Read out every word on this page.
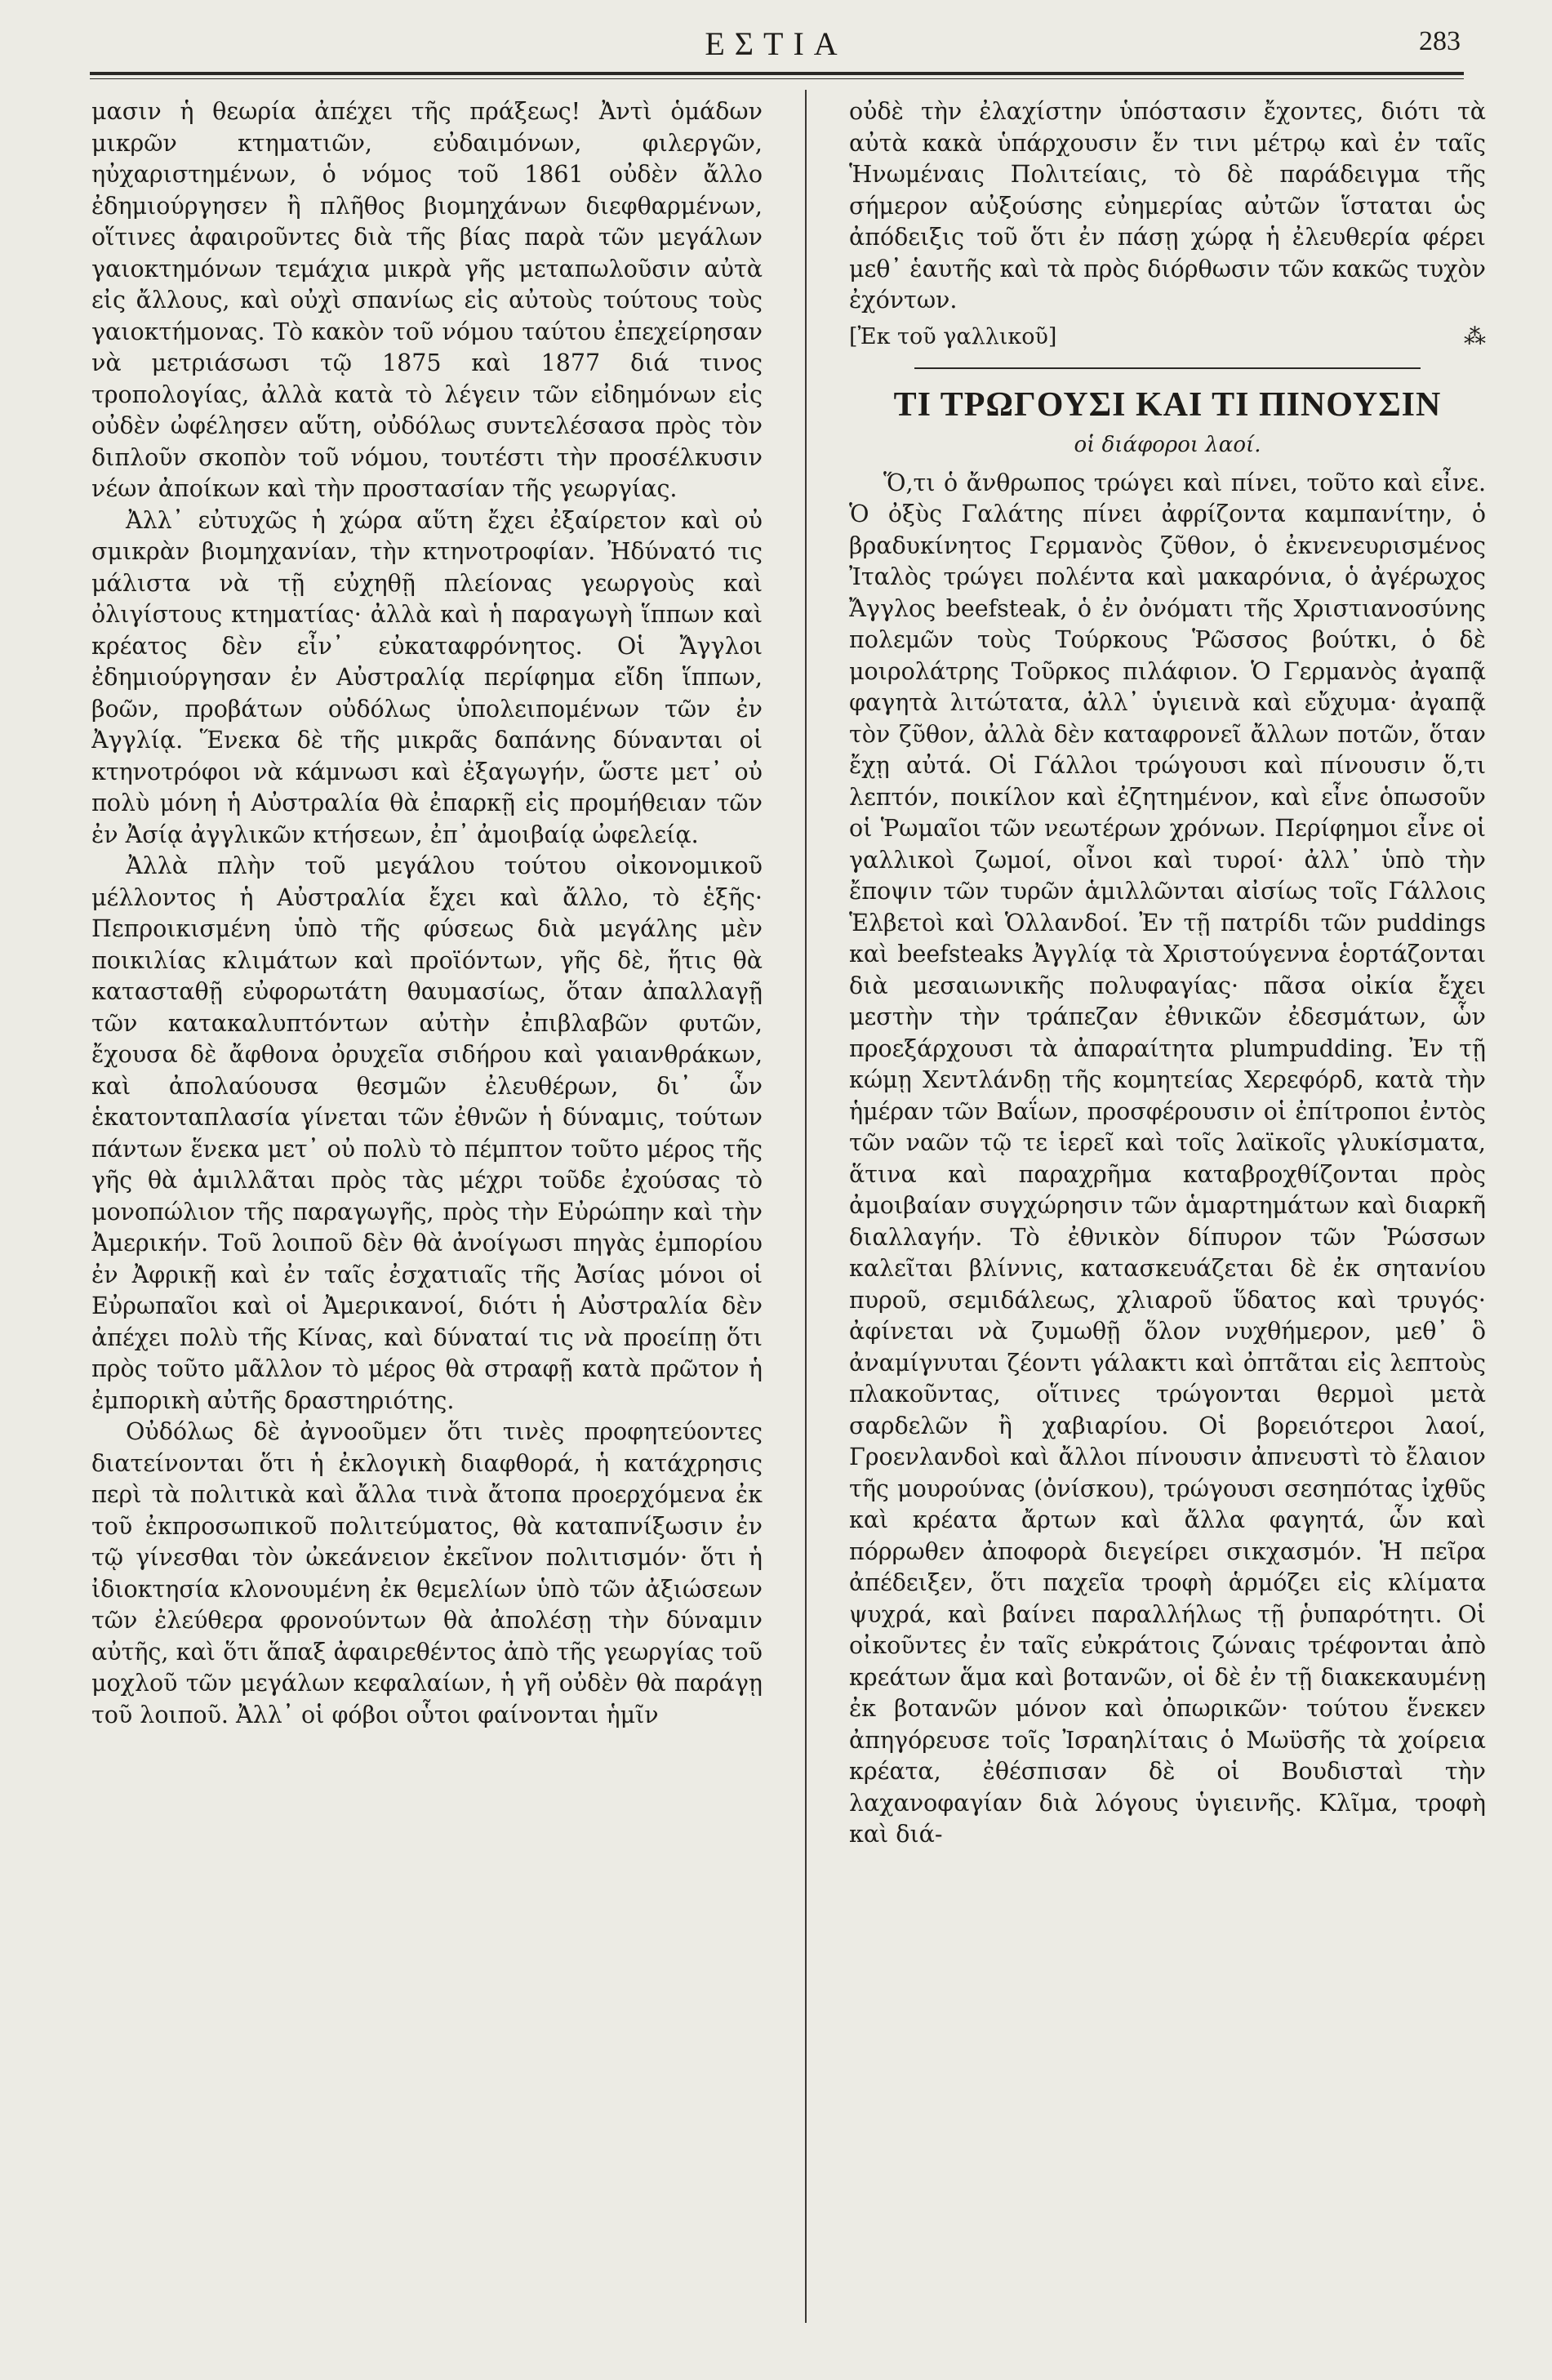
ΕΣΤΙΑ	283

μασιν ἡ θεωρία ἀπέχει τῆς πράξεως! Ἀντὶ ὁμάδων μικρῶν κτηματιῶν, εὐδαιμόνων, φιλεργῶν, ηὐχαριστημένων, ὁ νόμος τοῦ 1861 οὐδὲν ἄλλο ἐδημιούργησεν ἢ πλῆθος βιομηχάνων διεφθαρμένων, οἵτινες ἀφαιροῦντες διὰ τῆς βίας παρὰ τῶν μεγάλων γαιοκτημόνων τεμάχια μικρὰ γῆς μεταπωλοῦσιν αὐτὰ εἰς ἄλλους, καὶ οὐχὶ σπανίως εἰς αὐτοὺς τούτους τοὺς γαιοκτήμονας. Τὸ κακὸν τοῦ νόμου ταύτου ἐπεχείρησαν νὰ μετριάσωσι τῷ 1875 καὶ 1877 διά τινος τροπολογίας, ἀλλὰ κατὰ τὸ λέγειν τῶν εἰδημόνων εἰς οὐδὲν ὠφέλησεν αὕτη, οὐδόλως συντελέσασα πρὸς τὸν διπλοῦν σκοπὸν τοῦ νόμου, τουτέστι τὴν προσέλκυσιν νέων ἀποίκων καὶ τὴν προστασίαν τῆς γεωργίας.

Ἀλλ᾽ εὐτυχῶς ἡ χώρα αὕτη ἔχει ἐξαίρετον καὶ οὐ σμικρὰν βιομηχανίαν, τὴν κτηνοτροφίαν. Ἠδύνατό τις μάλιστα νὰ τῇ εὐχηθῇ πλείονας γεωργοὺς καὶ ὀλιγίστους κτηματίας· ἀλλὰ καὶ ἡ παραγωγὴ ἵππων καὶ κρέατος δὲν εἶν᾽ εὐκαταφρόνητος. Οἱ Ἄγγλοι ἐδημιούργησαν ἐν Αὐστραλίᾳ περίφημα εἴδη ἵππων, βοῶν, προβάτων οὐδόλως ὑπολειπομένων τῶν ἐν Ἀγγλίᾳ. Ἕνεκα δὲ τῆς μικρᾶς δαπάνης δύνανται οἱ κτηνοτρόφοι νὰ κάμνωσι καὶ ἐξαγωγήν, ὥστε μετ᾽ οὐ πολὺ μόνη ἡ Αὐστραλία θὰ ἐπαρκῇ εἰς προμήθειαν τῶν ἐν Ἀσίᾳ ἀγγλικῶν κτήσεων, ἐπ᾽ ἀμοιβαίᾳ ὠφελείᾳ.

Ἀλλὰ πλὴν τοῦ μεγάλου τούτου οἰκονομικοῦ μέλλοντος ἡ Αὐστραλία ἔχει καὶ ἄλλο, τὸ ἑξῆς· Πεπροικισμένη ὑπὸ τῆς φύσεως διὰ μεγάλης μὲν ποικιλίας κλιμάτων καὶ προϊόντων, γῆς δὲ, ἥτις θὰ κατασταθῇ εὐφορωτάτη θαυμασίως, ὅταν ἀπαλλαγῇ τῶν κατακαλυπτόντων αὐτὴν ἐπιβλαβῶν φυτῶν, ἔχουσα δὲ ἄφθονα ὀρυχεῖα σιδήρου καὶ γαιανθράκων, καὶ ἀπολαύουσα θεσμῶν ἐλευθέρων, δι᾽ ὧν ἑκατονταπλασία γίνεται τῶν ἐθνῶν ἡ δύναμις, τούτων πάντων ἕνεκα μετ᾽ οὐ πολὺ τὸ πέμπτον τοῦτο μέρος τῆς γῆς θὰ ἁμιλλᾶται πρὸς τὰς μέχρι τοῦδε ἐχούσας τὸ μονοπώλιον τῆς παραγωγῆς, πρὸς τὴν Εὐρώπην καὶ τὴν Ἀμερικήν. Τοῦ λοιποῦ δὲν θὰ ἀνοίγωσι πηγὰς ἐμπορίου ἐν Ἀφρικῇ καὶ ἐν ταῖς ἐσχατιαῖς τῆς Ἀσίας μόνοι οἱ Εὐρωπαῖοι καὶ οἱ Ἀμερικανοί, διότι ἡ Αὐστραλία δὲν ἀπέχει πολὺ τῆς Κίνας, καὶ δύναταί τις νὰ προείπῃ ὅτι πρὸς τοῦτο μᾶλλον τὸ μέρος θὰ στραφῇ κατὰ πρῶτον ἡ ἐμπορικὴ αὐτῆς δραστηριότης.

Οὐδόλως δὲ ἀγνοοῦμεν ὅτι τινὲς προφητεύοντες διατείνονται ὅτι ἡ ἐκλογικὴ διαφθορά, ἡ κατάχρησις περὶ τὰ πολιτικὰ καὶ ἄλλα τινὰ ἄτοπα προερχόμενα ἐκ τοῦ ἐκπροσωπικοῦ πολιτεύματος, θὰ καταπνίξωσιν ἐν τῷ γίνεσθαι τὸν ὠκεάνειον ἐκεῖνον πολιτισμόν· ὅτι ἡ ἰδιοκτησία κλονουμένη ἐκ θεμελίων ὑπὸ τῶν ἀξιώσεων τῶν ἐλεύθερα φρονούντων θὰ ἀπολέσῃ τὴν δύναμιν αὐτῆς, καὶ ὅτι ἅπαξ ἀφαιρεθέντος ἀπὸ τῆς γεωργίας τοῦ μοχλοῦ τῶν μεγάλων κεφαλαίων, ἡ γῆ οὐδὲν θὰ παράγῃ τοῦ λοιποῦ. Ἀλλ᾽ οἱ φόβοι οὗτοι φαίνονται ἡμῖν

οὐδὲ τὴν ἐλαχίστην ὑπόστασιν ἔχοντες, διότι τὰ αὐτὰ κακὰ ὑπάρχουσιν ἔν τινι μέτρῳ καὶ ἐν ταῖς Ἡνωμέναις Πολιτείαις, τὸ δὲ παράδειγμα τῆς σήμερον αὐξούσης εὐημερίας αὐτῶν ἵσταται ὡς ἀπόδειξις τοῦ ὅτι ἐν πάσῃ χώρᾳ ἡ ἐλευθερία φέρει μεθ᾽ ἑαυτῆς καὶ τὰ πρὸς διόρθωσιν τῶν κακῶς τυχὸν ἐχόντων.

[Ἐκ τοῦ γαλλικοῦ]	⁂
ΤΙ ΤΡΩΓΟΥΣΙ ΚΑΙ ΤΙ ΠΙΝΟΥΣΙΝ
οἱ διάφοροι λαοί.

Ὅ,τι ὁ ἄνθρωπος τρώγει καὶ πίνει, τοῦτο καὶ εἶνε. Ὁ ὀξὺς Γαλάτης πίνει ἀφρίζοντα καμπανίτην, ὁ βραδυκίνητος Γερμανὸς ζῦθον, ὁ ἐκνενευρισμένος Ἰταλὸς τρώγει πολέντα καὶ μακαρόνια, ὁ ἀγέρωχος Ἄγγλος beefsteak, ὁ ἐν ὀνόματι τῆς Χριστιανοσύνης πολεμῶν τοὺς Τούρκους Ῥῶσσος βούτκι, ὁ δὲ μοιρολάτρης Τοῦρκος πιλάφιον. Ὁ Γερμανὸς ἀγαπᾷ φαγητὰ λιτώτατα, ἀλλ᾽ ὑγιεινὰ καὶ εὔχυμα· ἀγαπᾷ τὸν ζῦθον, ἀλλὰ δὲν καταφρονεῖ ἄλλων ποτῶν, ὅταν ἔχῃ αὐτά. Οἱ Γάλλοι τρώγουσι καὶ πίνουσιν ὅ,τι λεπτόν, ποικίλον καὶ ἐζητημένον, καὶ εἶνε ὁπωσοῦν οἱ Ῥωμαῖοι τῶν νεωτέρων χρόνων. Περίφημοι εἶνε οἱ γαλλικοὶ ζωμοί, οἶνοι καὶ τυροί· ἀλλ᾽ ὑπὸ τὴν ἔποψιν τῶν τυρῶν ἁμιλλῶνται αἰσίως τοῖς Γάλλοις Ἑλβετοὶ καὶ Ὁλλανδοί. Ἐν τῇ πατρίδι τῶν puddings καὶ beefsteaks Ἀγγλίᾳ τὰ Χριστούγεννα ἑορτάζονται διὰ μεσαιωνικῆς πολυφαγίας· πᾶσα οἰκία ἔχει μεστὴν τὴν τράπεζαν ἐθνικῶν ἐδεσμάτων, ὧν προεξάρχουσι τὰ ἀπαραίτητα plumpudding. Ἐν τῇ κώμῃ Χεντλάνδῃ τῆς κομητείας Χερεφόρδ, κατὰ τὴν ἡμέραν τῶν Βαΐων, προσφέρουσιν οἱ ἐπίτροποι ἐντὸς τῶν ναῶν τῷ τε ἱερεῖ καὶ τοῖς λαϊκοῖς γλυκίσματα, ἅτινα καὶ παραχρῆμα καταβροχθίζονται πρὸς ἀμοιβαίαν συγχώρησιν τῶν ἁμαρτημάτων καὶ διαρκῆ διαλλαγήν. Τὸ ἐθνικὸν δίπυρον τῶν Ῥώσσων καλεῖται βλίννις, κατασκευάζεται δὲ ἐκ σητανίου πυροῦ, σεμιδάλεως, χλιαροῦ ὕδατος καὶ τρυγός· ἀφίνεται νὰ ζυμωθῇ ὅλον νυχθήμερον, μεθ᾽ ὃ ἀναμίγνυται ζέοντι γάλακτι καὶ ὀπτᾶται εἰς λεπτοὺς πλακοῦντας, οἵτινες τρώγονται θερμοὶ μετὰ σαρδελῶν ἢ χαβιαρίου. Οἱ βορειότεροι λαοί, Γροενλανδοὶ καὶ ἄλλοι πίνουσιν ἀπνευστὶ τὸ ἔλαιον τῆς μουρούνας (ὀνίσκου), τρώγουσι σεσηπότας ἰχθῦς καὶ κρέατα ἄρτων καὶ ἄλλα φαγητά, ὧν καὶ πόρρωθεν ἀποφορὰ διεγείρει σικχασμόν. Ἡ πεῖρα ἀπέδειξεν, ὅτι παχεῖα τροφὴ ἁρμόζει εἰς κλίματα ψυχρά, καὶ βαίνει παραλλήλως τῇ ῥυπαρότητι. Οἱ οἰκοῦντες ἐν ταῖς εὐκράτοις ζώναις τρέφονται ἀπὸ κρεάτων ἅμα καὶ βοτανῶν, οἱ δὲ ἐν τῇ διακεκαυμένῃ ἐκ βοτανῶν μόνον καὶ ὀπωρικῶν· τούτου ἕνεκεν ἀπηγόρευσε τοῖς Ἰσραηλίταις ὁ Μωϋσῆς τὰ χοίρεια κρέατα, ἐθέσπισαν δὲ οἱ Βουδισταὶ τὴν λαχανοφαγίαν διὰ λόγους ὑγιεινῆς. Κλῖμα, τροφὴ καὶ διά-
